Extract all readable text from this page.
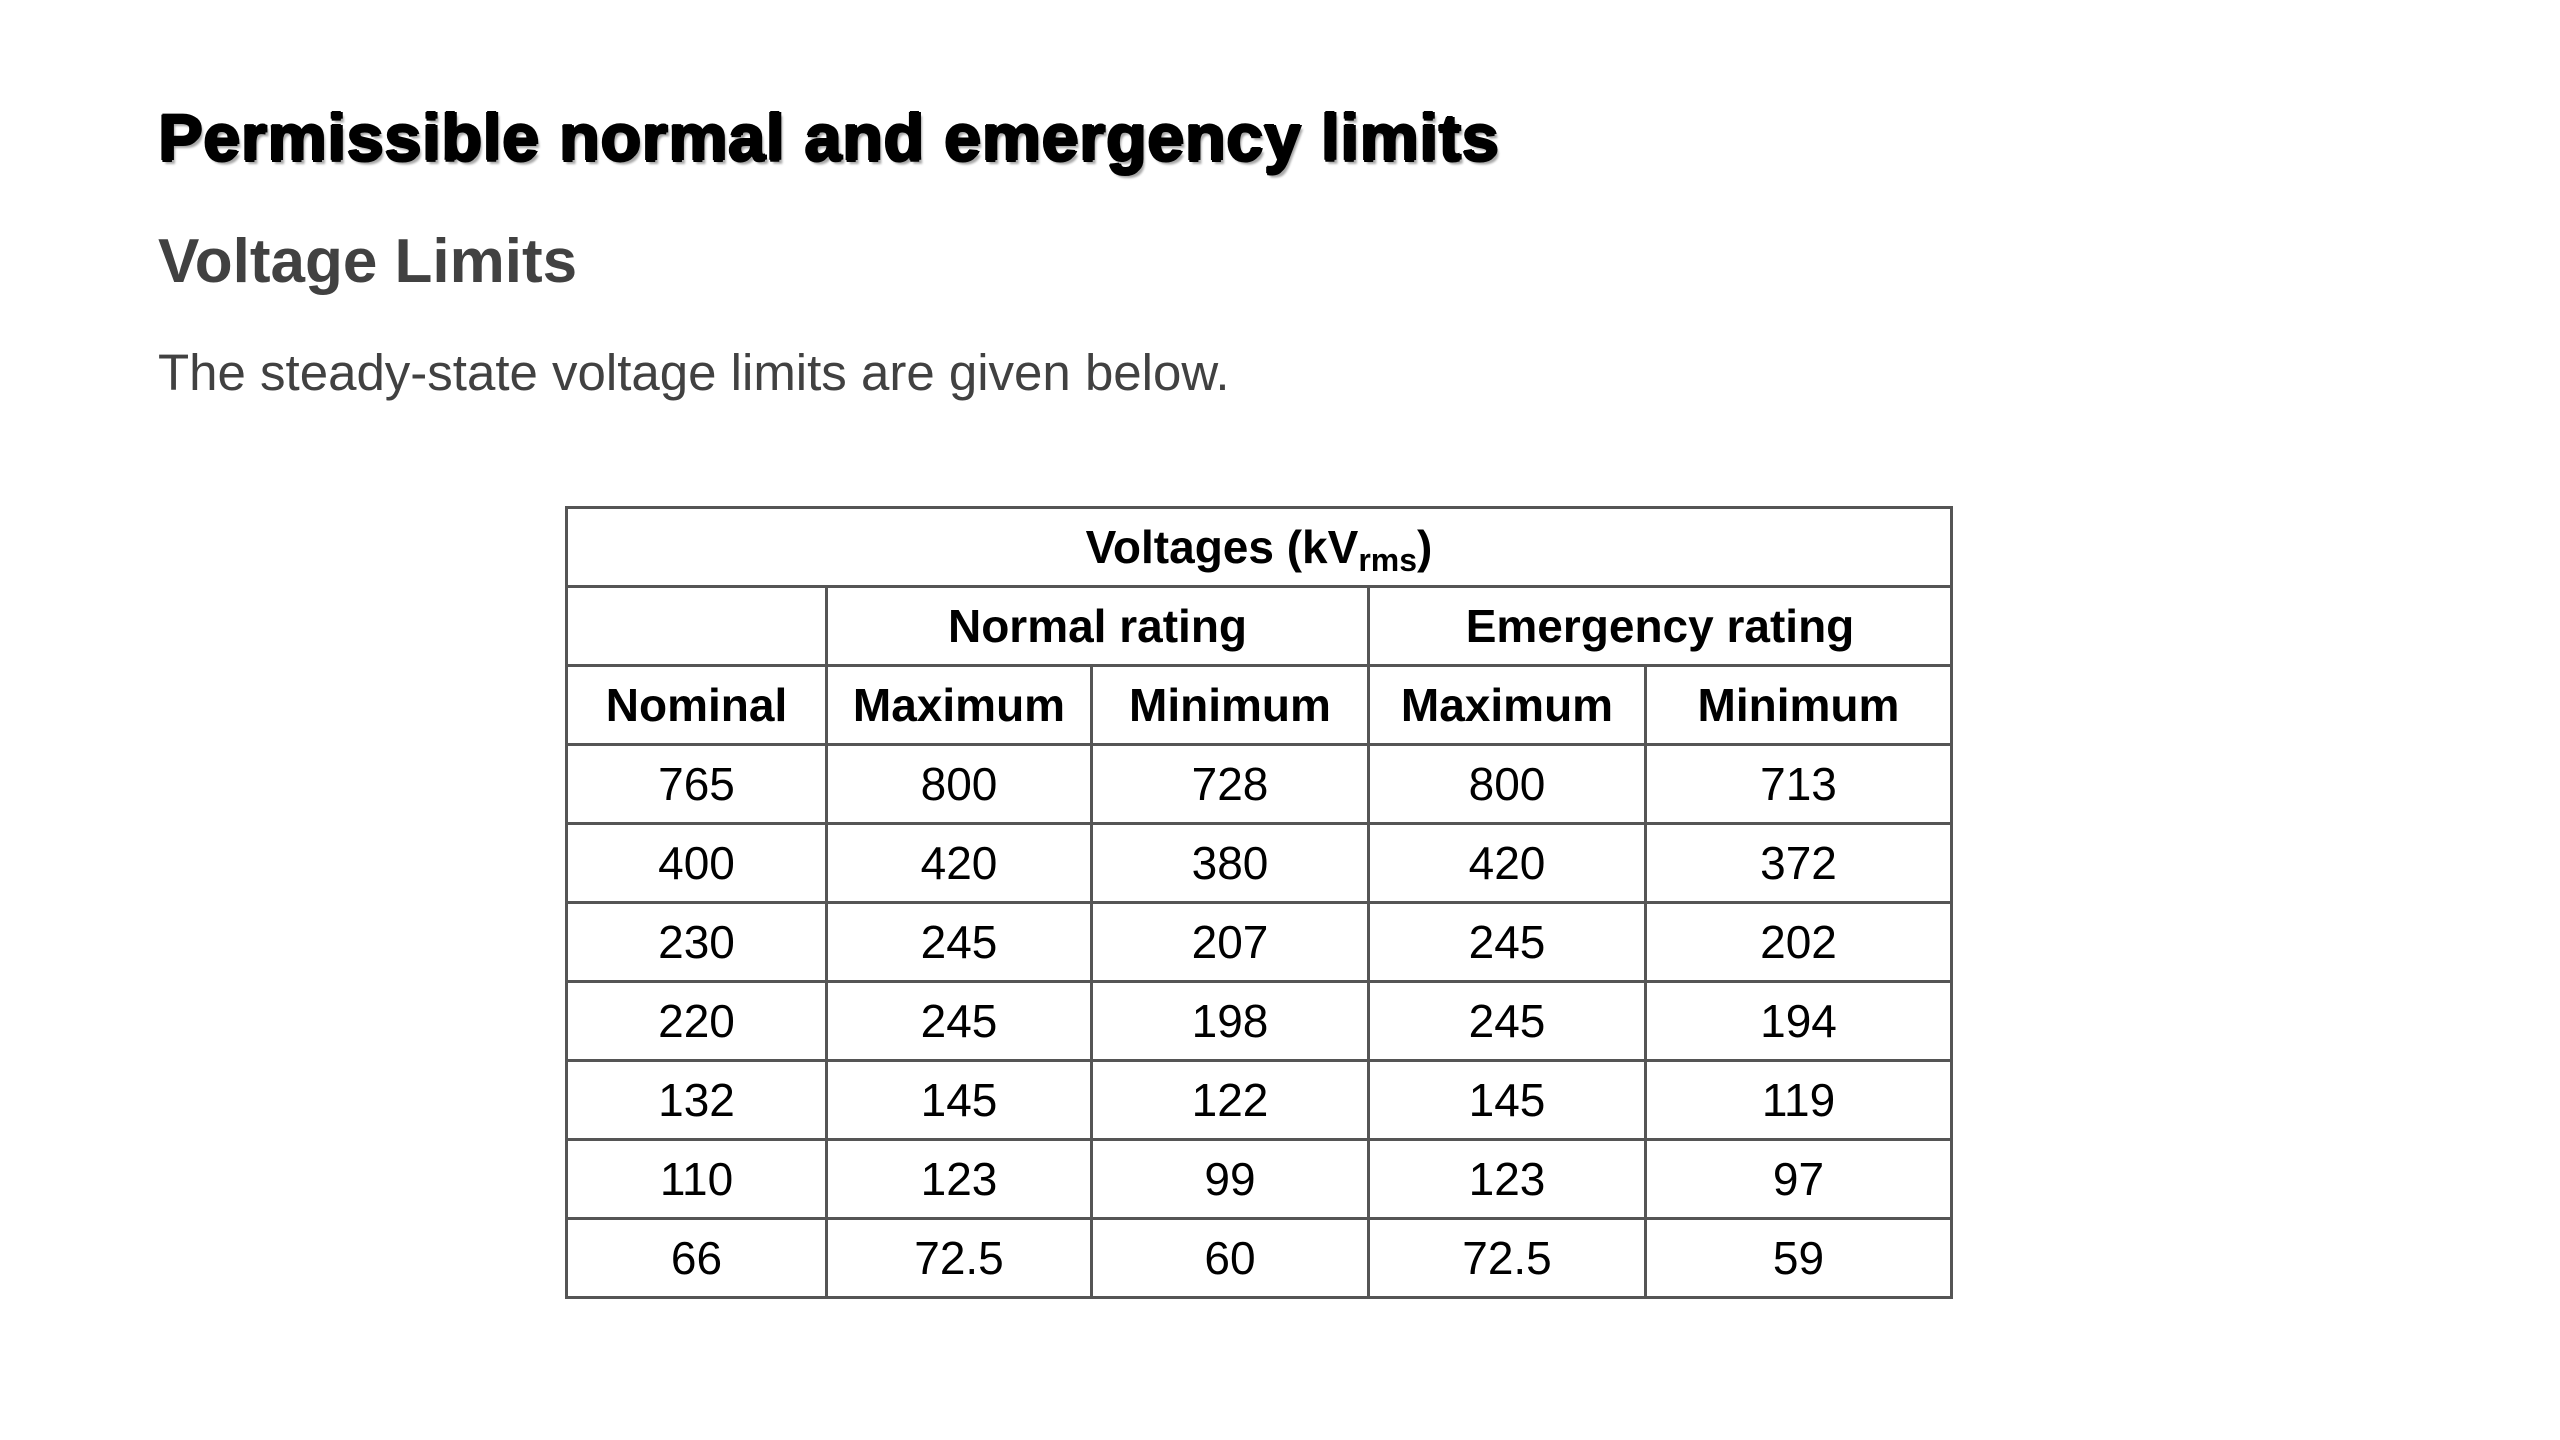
Permissible normal and emergency limits
Voltage Limits

The steady-state voltage limits are given below.

Voltages $(kV_{rms})$				
	Normal rating		Emergency rating	
Nominal	Maximum	Minimum	Maximum	Minimum
765	800	728	800	713
400	420	380	420	372
230	245	207	245	202
220	245	198	245	194
132	145	122	145	119
110	123	99	123	97
66	72.5	60	72.5	59
